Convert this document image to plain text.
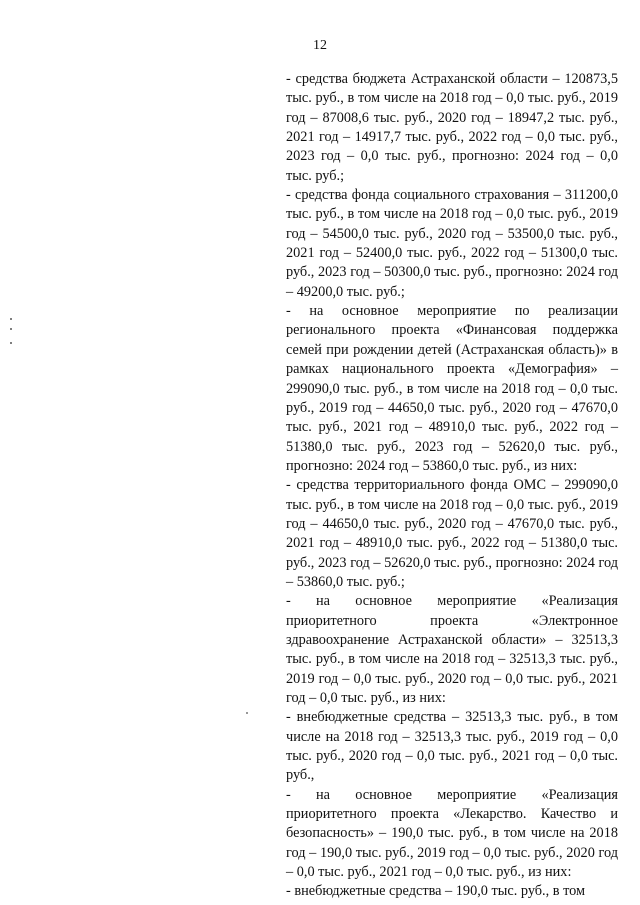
12

- средства бюджета Астраханской области – 120873,5 тыс. руб., в том числе на 2018 год – 0,0 тыс. руб., 2019 год – 87008,6 тыс. руб., 2020 год – 18947,2 тыс. руб., 2021 год – 14917,7 тыс. руб., 2022 год – 0,0 тыс. руб., 2023 год – 0,0 тыс. руб., прогнозно: 2024 год – 0,0 тыс. руб.;

- средства фонда социального страхования – 311200,0 тыс. руб., в том числе на 2018 год – 0,0 тыс. руб., 2019 год – 54500,0 тыс. руб., 2020 год – 53500,0 тыс. руб., 2021 год – 52400,0 тыс. руб., 2022 год – 51300,0 тыс. руб., 2023 год – 50300,0 тыс. руб., прогнозно: 2024 год – 49200,0 тыс. руб.;

- на основное мероприятие по реализации регионального проекта «Финансовая поддержка семей при рождении детей (Астраханская область)» в рамках национального проекта «Демография» – 299090,0 тыс. руб., в том числе на 2018 год – 0,0 тыс. руб., 2019 год – 44650,0 тыс. руб., 2020 год – 47670,0 тыс. руб., 2021 год – 48910,0 тыс. руб., 2022 год – 51380,0 тыс. руб., 2023 год – 52620,0 тыс. руб., прогнозно: 2024 год – 53860,0 тыс. руб., из них:

- средства территориального фонда ОМС – 299090,0 тыс. руб., в том числе на 2018 год – 0,0 тыс. руб., 2019 год – 44650,0 тыс. руб., 2020 год – 47670,0 тыс. руб., 2021 год – 48910,0 тыс. руб., 2022 год – 51380,0 тыс. руб., 2023 год – 52620,0 тыс. руб., прогнозно: 2024 год – 53860,0 тыс. руб.;

- на основное мероприятие «Реализация приоритетного проекта «Электронное здравоохранение Астраханской области» – 32513,3 тыс. руб., в том числе на 2018 год – 32513,3 тыс. руб., 2019 год – 0,0 тыс. руб., 2020 год – 0,0 тыс. руб., 2021 год – 0,0 тыс. руб., из них:

- внебюджетные средства – 32513,3 тыс. руб., в том числе на 2018 год – 32513,3 тыс. руб., 2019 год – 0,0 тыс. руб., 2020 год – 0,0 тыс. руб., 2021 год – 0,0 тыс. руб.,

- на основное мероприятие «Реализация приоритетного проекта «Лекарство. Качество и безопасность» – 190,0 тыс. руб., в том числе на 2018 год – 190,0 тыс. руб., 2019 год – 0,0 тыс. руб., 2020 год – 0,0 тыс. руб., 2021 год – 0,0 тыс. руб., из них:

- внебюджетные средства – 190,0 тыс. руб., в том
